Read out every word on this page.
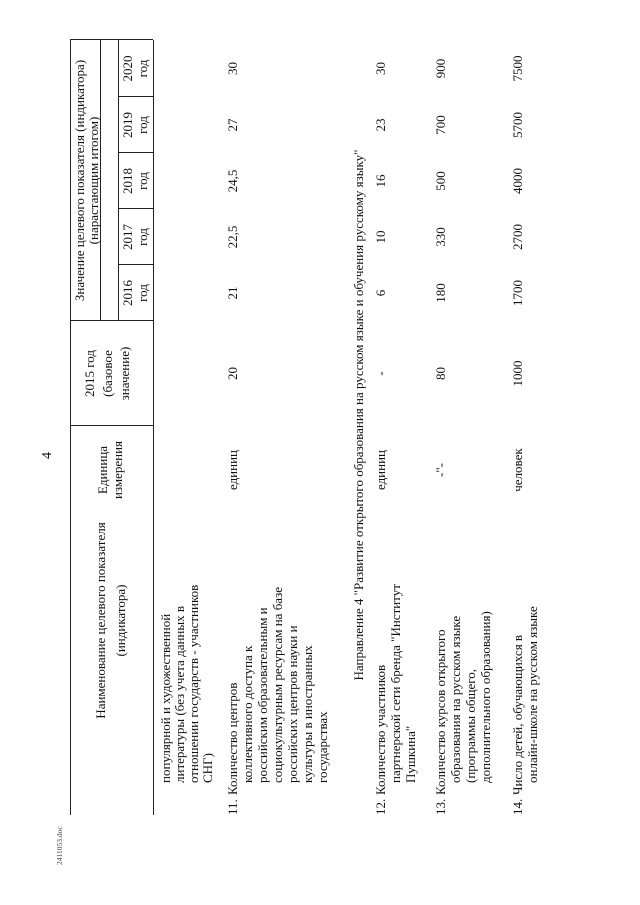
4
2411053.doc
Наименование целевого показателя (индикатора)
Единица измерения
2015 год (базовое значение)
Значение целевого показателя (индикатора) (нарастающим итогом)
2016 год
2017 год
2018 год
2019 год
2020 год
популярной и художественной литературы (без учета данных в отношении государств - участников СНГ)
11.
Количество центров коллективного доступа к российским образовательным и социокультурным ресурсам на базе российских центров науки и культуры в иностранных государствах
единиц
20
21
22,5
24,5
27
30
Направление 4 "Развитие открытого образования на русском языке и обучения русскому языку"
12.
Количество участников партнерской сети бренда "Институт Пушкина"
единиц
-
6
10
16
23
30
13.
Количество курсов открытого образования на русском языке (программы общего, дополнительного образования)
-"-
80
180
330
500
700
900
14.
Число детей, обучающихся в онлайн-школе на русском языке
человек
1000
1700
2700
4000
5700
7500
